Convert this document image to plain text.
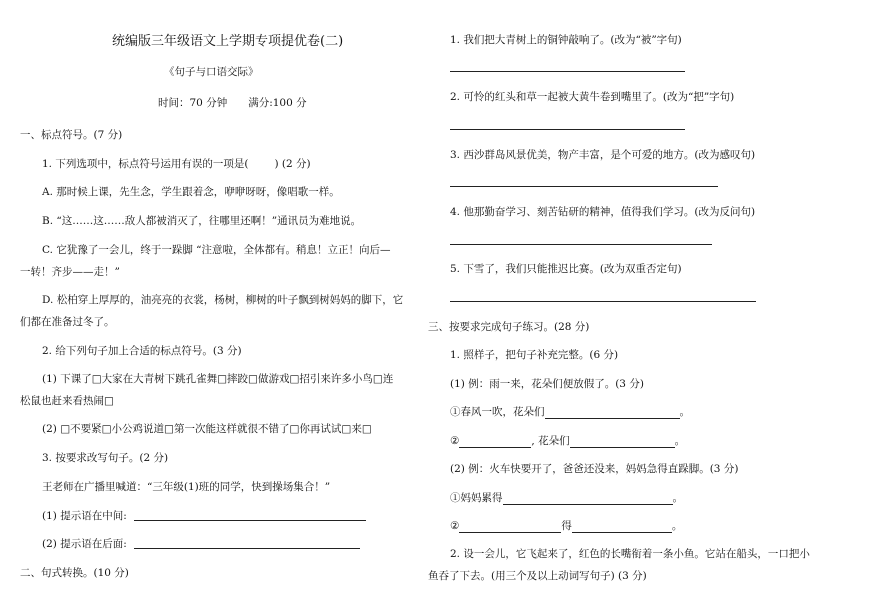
统编版三年级语文上学期专项提优卷(二)
《句子与口语交际》
时间：70 分钟　　满分:100 分
一、标点符号。(7 分)
1. 下列选项中，标点符号运用有误的一项是( ) (2 分)
A. 那时候上课，先生念，学生跟着念，咿咿呀呀，像唱歌一样。
B. “这……这……敌人都被消灭了，往哪里还啊！”通讯员为难地说。
C. 它犹豫了一会儿，终于一跺脚 “注意啦，全体都有。稍息！立正！向后—
一转！齐步——走！”
D. 松柏穿上厚厚的，油亮亮的衣裳，杨树，柳树的叶子飘到树妈妈的脚下，它
们都在准备过冬了。
2. 给下列句子加上合适的标点符号。(3 分)
(1) 下课了□大家在大青树下跳孔雀舞□摔跤□做游戏□招引来许多小鸟□连
松鼠也赶来看热闹□
(2) □不要紧□小公鸡说道□第一次能这样就很不错了□你再试试□来□
3. 按要求改写句子。(2 分)
王老师在广播里喊道：“三年级(1)班的同学，快到操场集合！”
(1) 提示语在中间:
(2) 提示语在后面:
二、句式转换。(10 分)
1. 我们把大青树上的铜钟敲响了。(改为“被”字句)
2. 可怜的红头和草一起被大黄牛卷到嘴里了。(改为“把”字句)
3. 西沙群岛风景优美，物产丰富，是个可爱的地方。(改为感叹句)
4. 他那勤奋学习、刻苦钻研的精神，值得我们学习。(改为反问句)
5. 下雪了，我们只能推迟比赛。(改为双重否定句)
三、按要求完成句子练习。(28 分)
1. 照样子，把句子补充完整。(6 分)
(1) 例：雨一来，花朵们便放假了。(3 分)
①春风一吹，花朵们	。
②	, 花朵们	。
(2) 例：火车快要开了，爸爸还没来，妈妈急得直跺脚。(3 分)
①妈妈累得	。
②	得	。
2. 设一会儿，它飞起来了，红色的长嘴衔着一条小鱼。它站在船头，一口把小
鱼吞了下去。(用三个及以上动词写句子) (3 分)
